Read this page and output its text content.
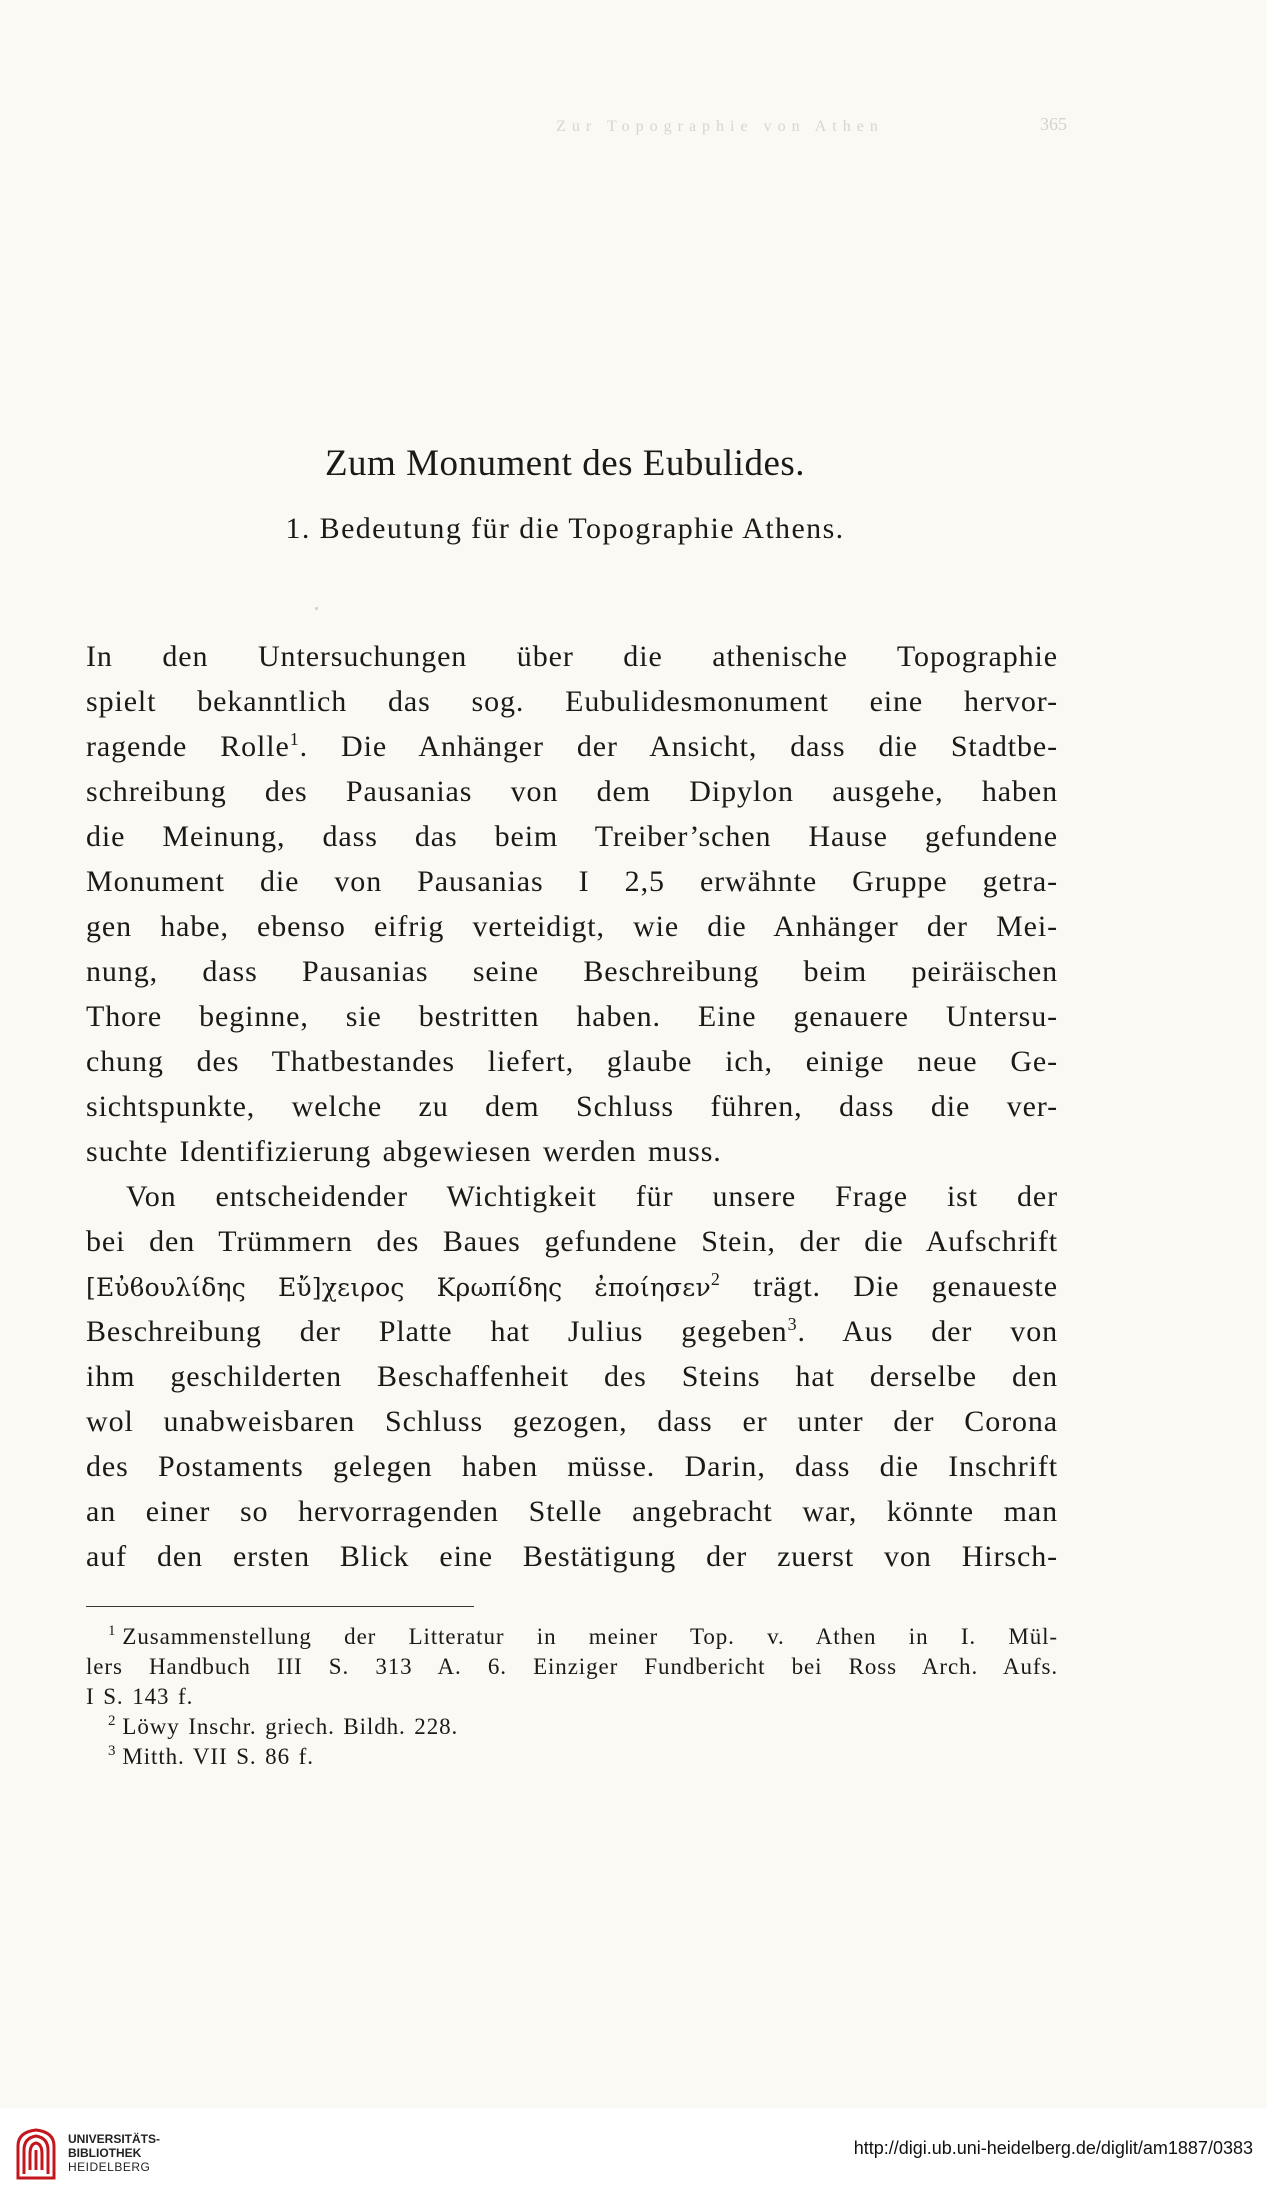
Zur Topographie von Athen	365
Zum Monument des Eubulides.
1. Bedeutung für die Topographie Athens.
In den Untersuchungen über die athenische Topographie
spielt bekanntlich das sog. Eubulidesmonument eine hervor-
ragende Rolle$^1$. Die Anhänger der Ansicht, dass die Stadtbe-
schreibung des Pausanias von dem Dipylon ausgehe, haben
die Meinung, dass das beim Treiber’schen Hause gefundene
Monument die von Pausanias I 2,5 erwähnte Gruppe getra-
gen habe, ebenso eifrig verteidigt, wie die Anhänger der Mei-
nung, dass Pausanias seine Beschreibung beim peiräischen
Thore beginne, sie bestritten haben. Eine genauere Untersu-
chung des Thatbestandes liefert, glaube ich, einige neue Ge-
sichtspunkte, welche zu dem Schluss führen, dass die ver-
suchte Identifizierung abgewiesen werden muss.
Von entscheidender Wichtigkeit für unsere Frage ist der
bei den Trümmern des Baues gefundene Stein, der die Aufschrift
[Εὐϐουλίδης Εὔ]χειρος Κρωπίδης ἐποίησεν$^2$ trägt. Die genaueste
Beschreibung der Platte hat Julius gegeben$^3$. Aus der von
ihm geschilderten Beschaffenheit des Steins hat derselbe den
wol unabweisbaren Schluss gezogen, dass er unter der Corona
des Postaments gelegen haben müsse. Darin, dass die Inschrift
an einer so hervorragenden Stelle angebracht war, könnte man
auf den ersten Blick eine Bestätigung der zuerst von Hirsch-
$^1$ Zusammenstellung der Litteratur in meiner Top. v. Athen in I. Mül-
lers Handbuch III S. 313 A. 6. Einziger Fundbericht bei Ross Arch. Aufs.
I S. 143 f.
$^2$ Löwy Inschr. griech. Bildh. 228.
$^3$ Mitth. VII S. 86 f.
UNIVERSITÄTS-
BIBLIOTHEK
HEIDELBERG
http://digi.ub.uni-heidelberg.de/diglit/am1887/0383
